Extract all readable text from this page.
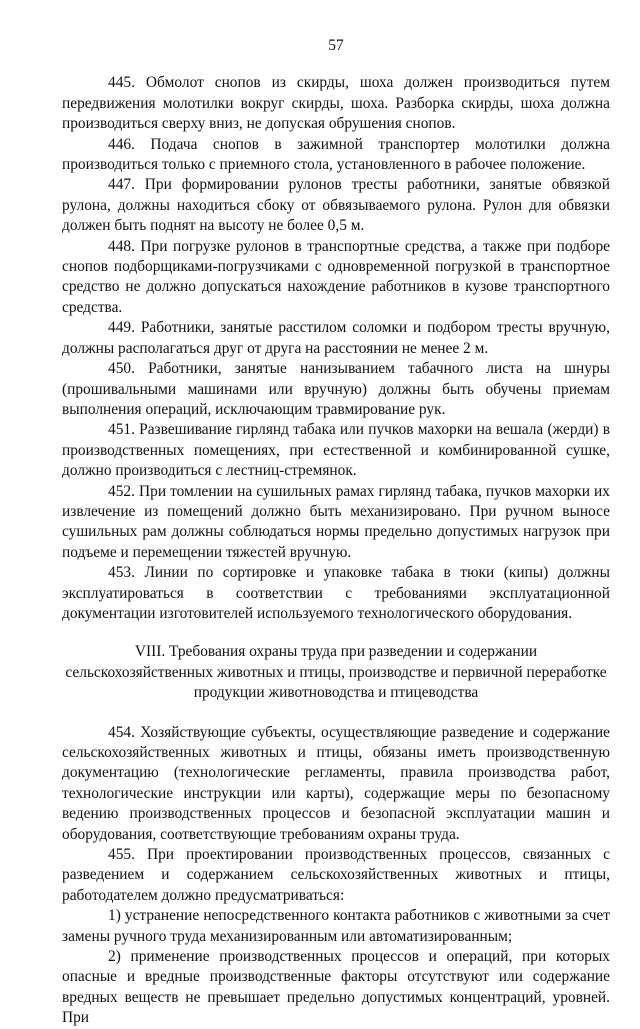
57

445. Обмолот снопов из скирды, шоха должен производиться путем передвижения молотилки вокруг скирды, шоха. Разборка скирды, шоха должна производиться сверху вниз, не допуская обрушения снопов.

446. Подача снопов в зажимной транспортер молотилки должна производиться только с приемного стола, установленного в рабочее положение.

447. При формировании рулонов тресты работники, занятые обвязкой рулона, должны находиться сбоку от обвязываемого рулона. Рулон для обвязки должен быть поднят на высоту не более 0,5 м.

448. При погрузке рулонов в транспортные средства, а также при подборе снопов подборщиками-погрузчиками с одновременной погрузкой в транспортное средство не должно допускаться нахождение работников в кузове транспортного средства.

449. Работники, занятые расстилом соломки и подбором тресты вручную, должны располагаться друг от друга на расстоянии не менее 2 м.

450. Работники, занятые нанизыванием табачного листа на шнуры (прошивальными машинами или вручную) должны быть обучены приемам выполнения операций, исключающим травмирование рук.

451. Развешивание гирлянд табака или пучков махорки на вешала (жерди) в производственных помещениях, при естественной и комбинированной сушке, должно производиться с лестниц-стремянок.

452. При томлении на сушильных рамах гирлянд табака, пучков махорки их извлечение из помещений должно быть механизировано. При ручном выносе сушильных рам должны соблюдаться нормы предельно допустимых нагрузок при подъеме и перемещении тяжестей вручную.

453. Линии по сортировке и упаковке табака в тюки (кипы) должны эксплуатироваться в соответствии с требованиями эксплуатационной документации изготовителей используемого технологического оборудования.

VIII. Требования охраны труда при разведении и содержании
сельскохозяйственных животных и птицы, производстве и первичной переработке
продукции животноводства и птицеводства

454. Хозяйствующие субъекты, осуществляющие разведение и содержание сельскохозяйственных животных и птицы, обязаны иметь производственную документацию (технологические регламенты, правила производства работ, технологические инструкции или карты), содержащие меры по безопасному ведению производственных процессов и безопасной эксплуатации машин и оборудования, соответствующие требованиям охраны труда.

455. При проектировании производственных процессов, связанных с разведением и содержанием сельскохозяйственных животных и птицы, работодателем должно предусматриваться:

1) устранение непосредственного контакта работников с животными за счет замены ручного труда механизированным или автоматизированным;

2) применение производственных процессов и операций, при которых опасные и вредные производственные факторы отсутствуют или содержание вредных веществ не превышает предельно допустимых концентраций, уровней. При
